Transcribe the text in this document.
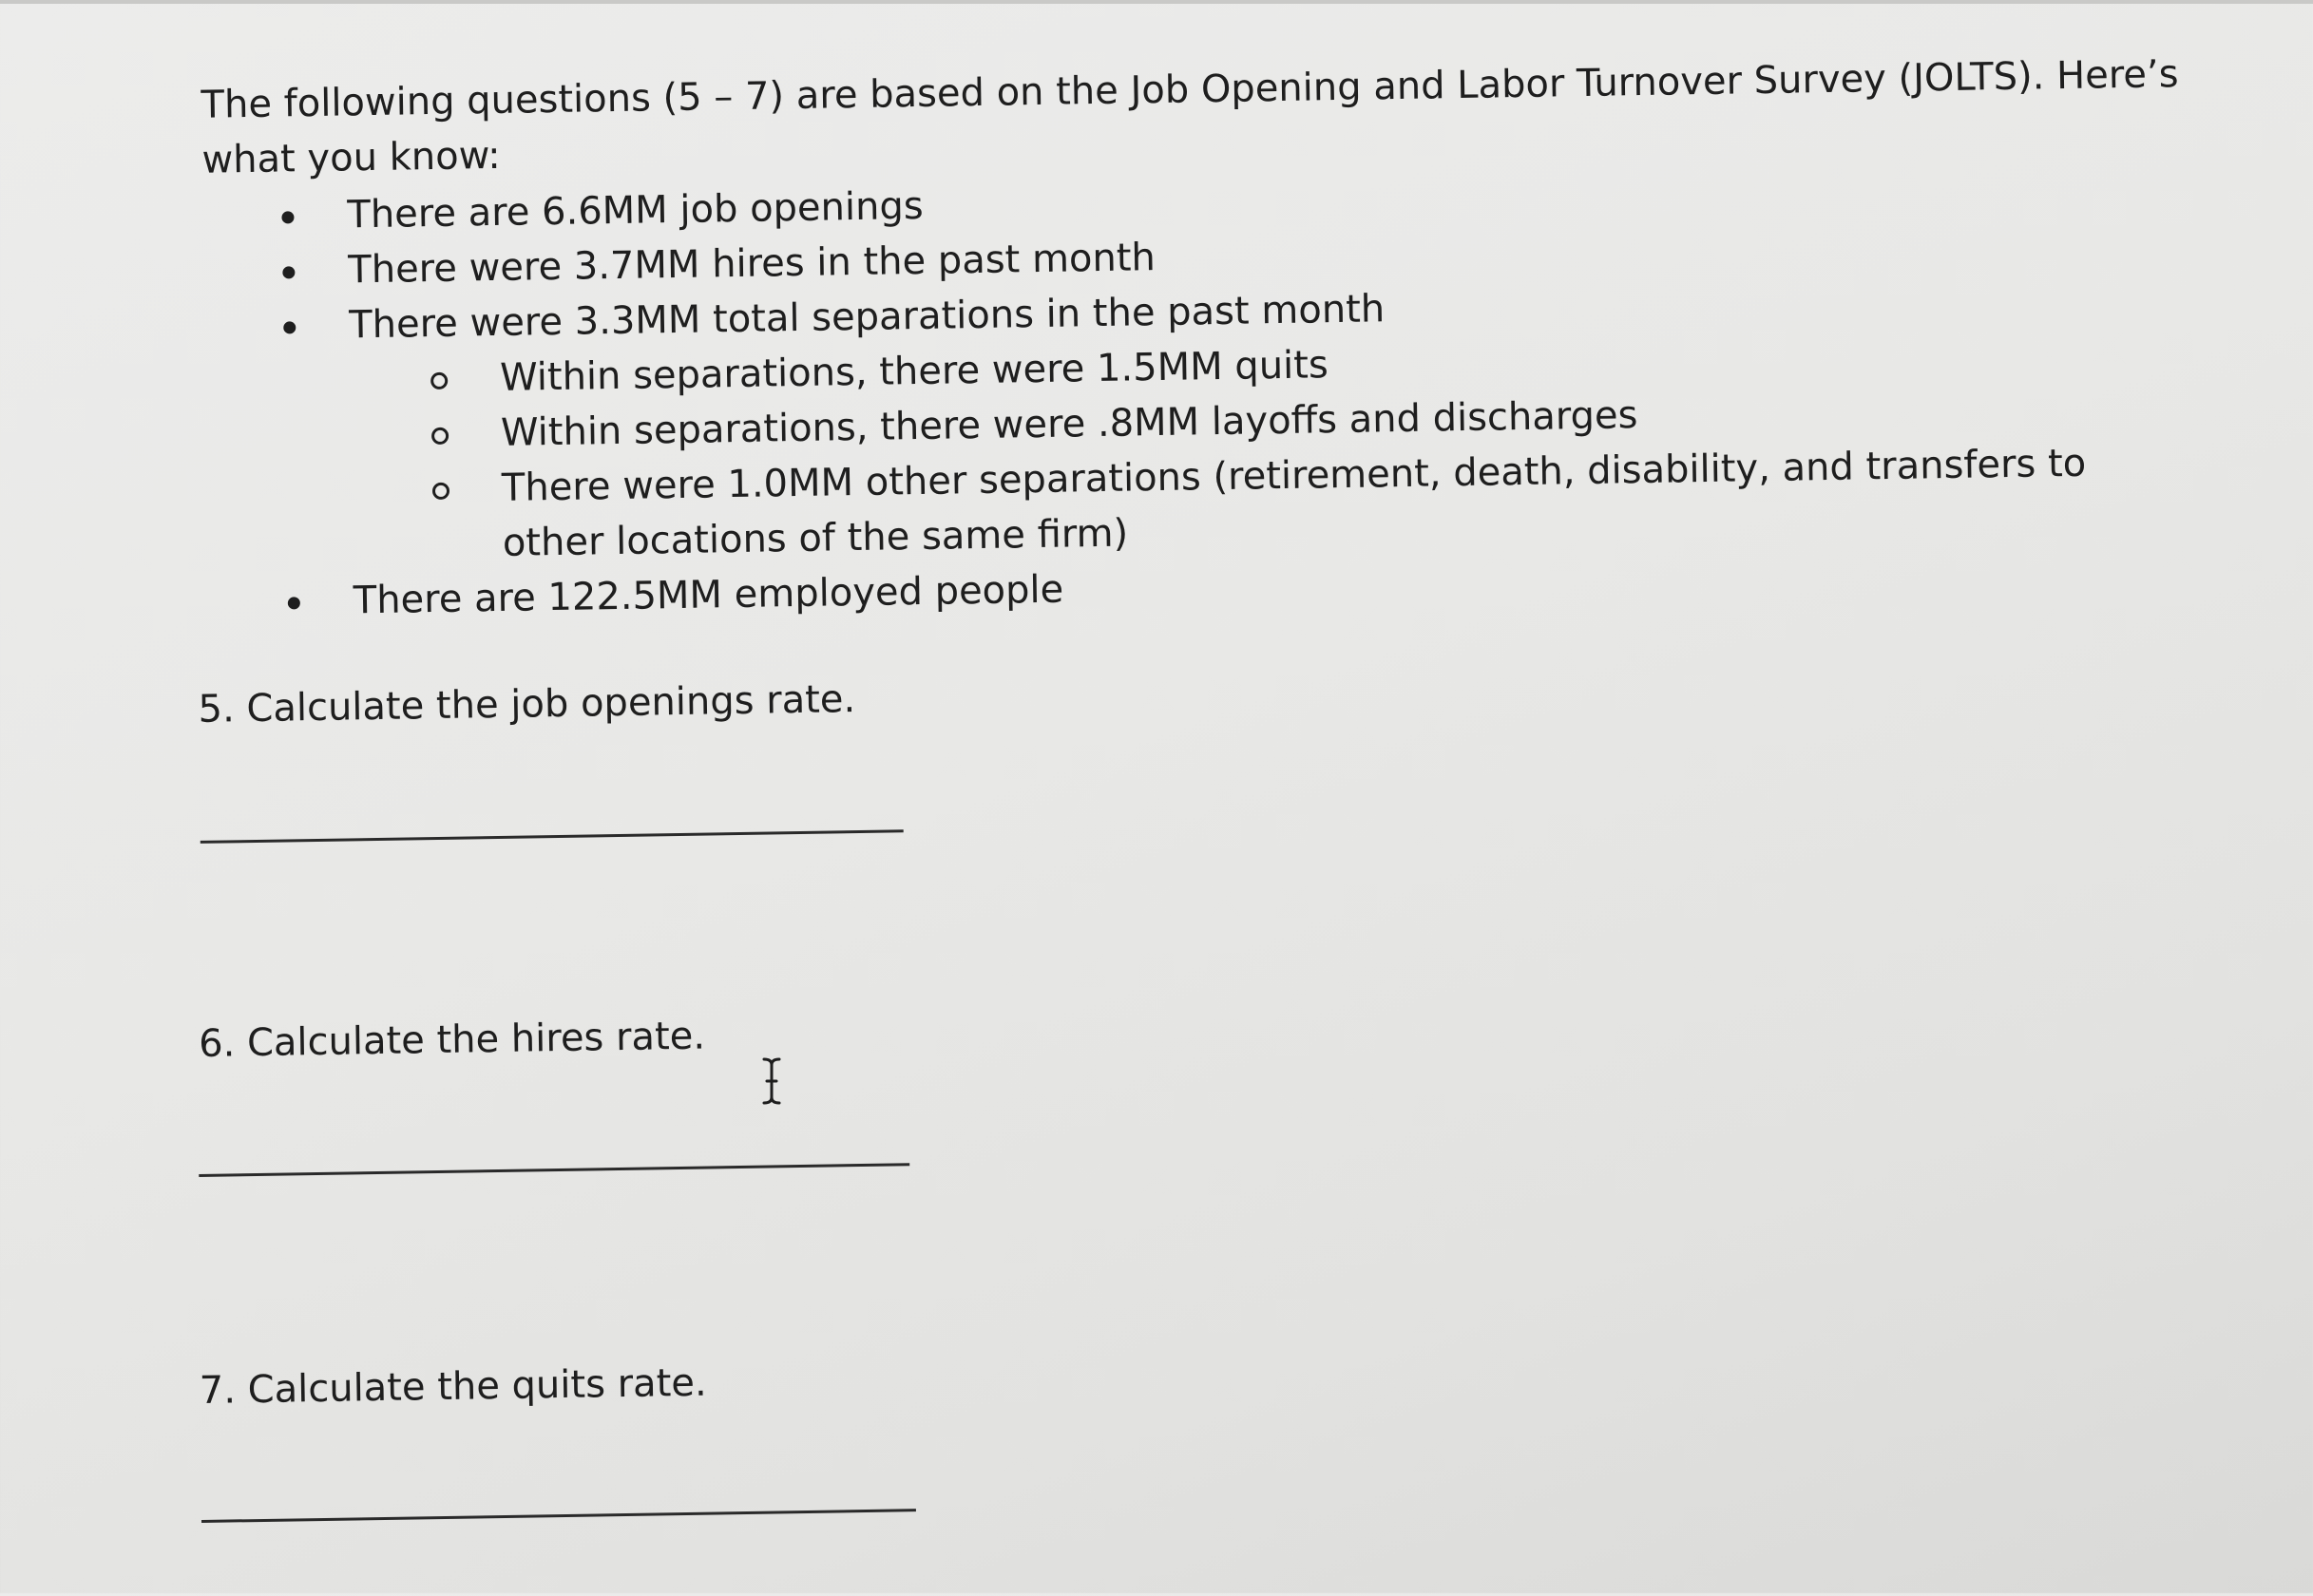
The following questions (5 – 7) are based on the Job Opening and Labor Turnover Survey (JOLTS). Here’s what you know:

There are 6.6MM job openings
There were 3.7MM hires in the past month
There were 3.3MM total separations in the past month
Within separations, there were 1.5MM quits
Within separations, there were .8MM layoffs and discharges
There were 1.0MM other separations (retirement, death, disability, and transfers to other locations of the same firm)
There are 122.5MM employed people

5. Calculate the job openings rate.

6. Calculate the hires rate.

7. Calculate the quits rate.
